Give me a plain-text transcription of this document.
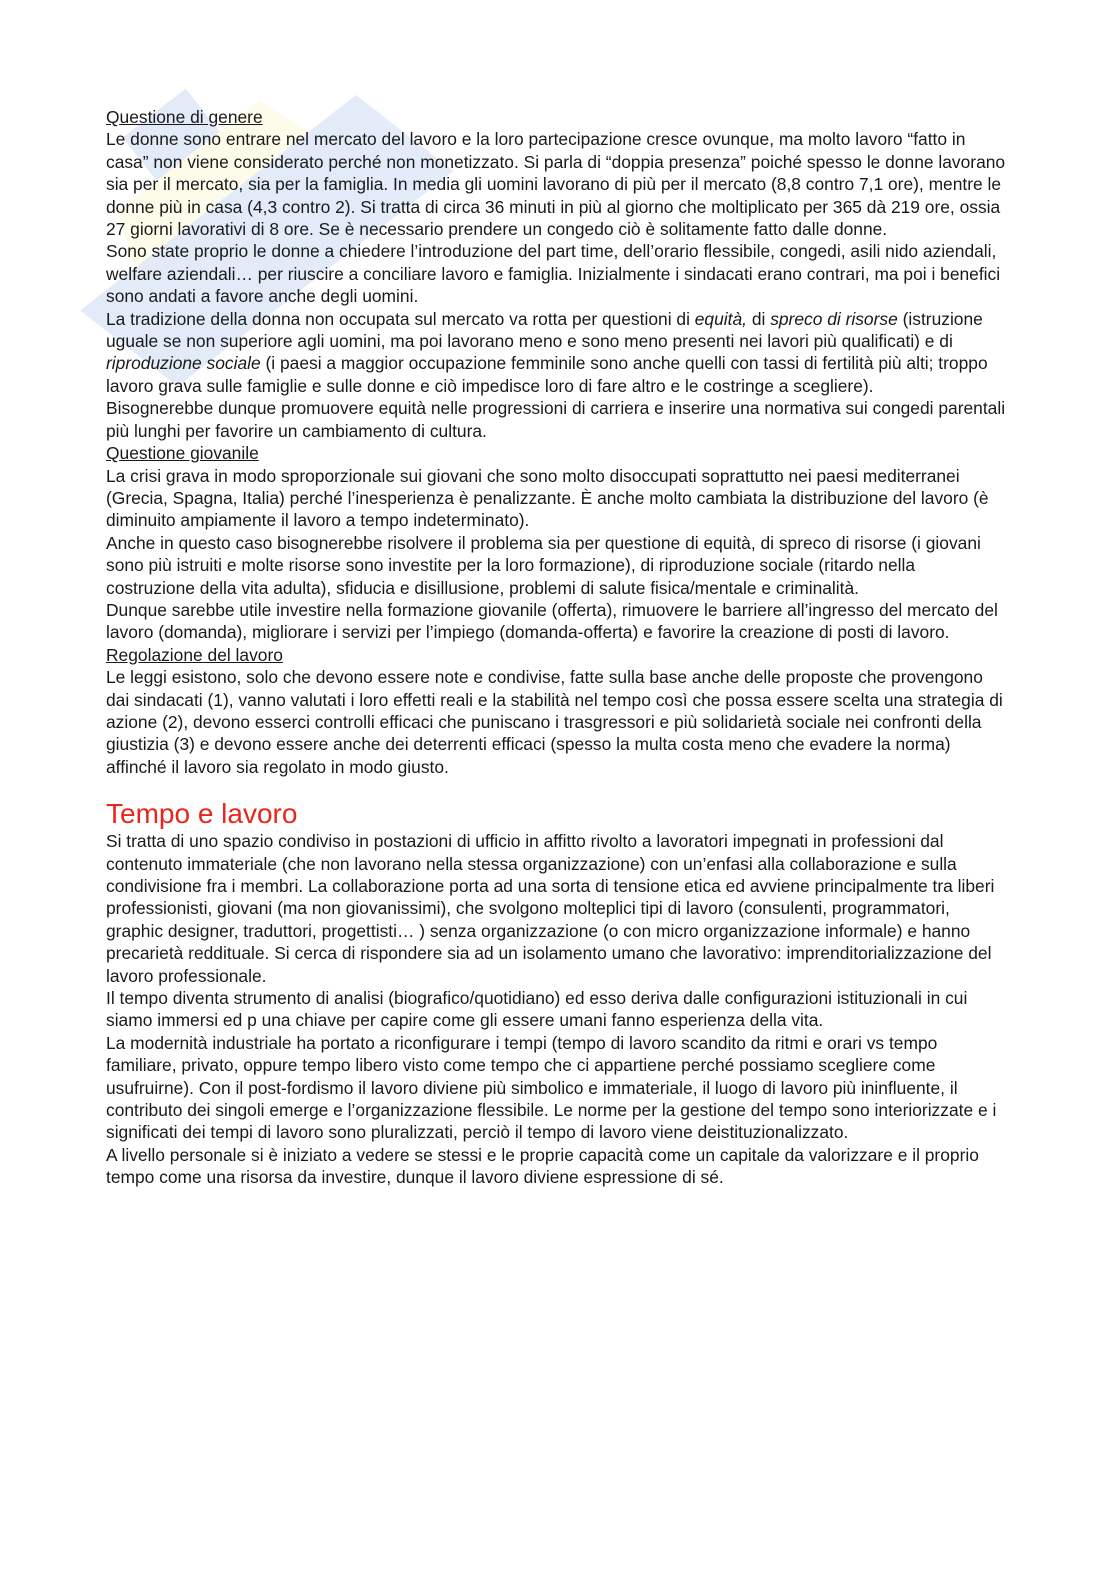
Questione di genere

Le donne sono entrare nel mercato del lavoro e la loro partecipazione cresce ovunque, ma molto lavoro “fatto in casa” non viene considerato perché non monetizzato. Si parla di “doppia presenza” poiché spesso le donne lavorano sia per il mercato, sia per la famiglia. In media gli uomini lavorano di più per il mercato (8,8 contro 7,1 ore), mentre le donne più in casa (4,3 contro 2). Si tratta di circa 36 minuti in più al giorno che moltiplicato per 365 dà 219 ore, ossia 27 giorni lavorativi di 8 ore. Se è necessario prendere un congedo ciò è solitamente fatto dalle donne.

Sono state proprio le donne a chiedere l’introduzione del part time, dell’orario flessibile, congedi, asili nido aziendali, welfare aziendali… per riuscire a conciliare lavoro e famiglia. Inizialmente i sindacati erano contrari, ma poi i benefici sono andati a favore anche degli uomini.

La tradizione della donna non occupata sul mercato va rotta per questioni di equità, di spreco di risorse (istruzione uguale se non superiore agli uomini, ma poi lavorano meno e sono meno presenti nei lavori più qualificati) e di riproduzione sociale (i paesi a maggior occupazione femminile sono anche quelli con tassi di fertilità più alti; troppo lavoro grava sulle famiglie e sulle donne e ciò impedisce loro di fare altro e le costringe a scegliere).

Bisognerebbe dunque promuovere equità nelle progressioni di carriera e inserire una normativa sui congedi parentali più lunghi per favorire un cambiamento di cultura.

Questione giovanile

La crisi grava in modo sproporzionale sui giovani che sono molto disoccupati soprattutto nei paesi mediterranei (Grecia, Spagna, Italia) perché l’inesperienza è penalizzante. È anche molto cambiata la distribuzione del lavoro (è diminuito ampiamente il lavoro a tempo indeterminato).

Anche in questo caso bisognerebbe risolvere il problema sia per questione di equità, di spreco di risorse (i giovani sono più istruiti e molte risorse sono investite per la loro formazione), di riproduzione sociale (ritardo nella costruzione della vita adulta), sfiducia e disillusione, problemi di salute fisica/mentale e criminalità.

Dunque sarebbe utile investire nella formazione giovanile (offerta), rimuovere le barriere all’ingresso del mercato del lavoro (domanda), migliorare i servizi per l’impiego (domanda-offerta) e favorire la creazione di posti di lavoro.

Regolazione del lavoro

Le leggi esistono, solo che devono essere note e condivise, fatte sulla base anche delle proposte che provengono dai sindacati (1), vanno valutati i loro effetti reali e la stabilità nel tempo così che possa essere scelta una strategia di azione (2), devono esserci controlli efficaci che puniscano i trasgressori e più solidarietà sociale nei confronti della giustizia (3) e devono essere anche dei deterrenti efficaci (spesso la multa costa meno che evadere la norma) affinché il lavoro sia regolato in modo giusto.

Tempo e lavoro

Si tratta di uno spazio condiviso in postazioni di ufficio in affitto rivolto a lavoratori impegnati in professioni dal contenuto immateriale (che non lavorano nella stessa organizzazione) con un’enfasi alla collaborazione e sulla condivisione fra i membri. La collaborazione porta ad una sorta di tensione etica ed avviene principalmente tra liberi professionisti, giovani (ma non giovanissimi), che svolgono molteplici tipi di lavoro (consulenti, programmatori, graphic designer, traduttori, progettisti… ) senza organizzazione (o con micro organizzazione informale) e hanno precarietà reddituale. Si cerca di rispondere sia ad un isolamento umano che lavorativo: imprenditorializzazione del lavoro professionale.

Il tempo diventa strumento di analisi (biografico/quotidiano) ed esso deriva dalle configurazioni istituzionali in cui siamo immersi ed p una chiave per capire come gli essere umani fanno esperienza della vita.

La modernità industriale ha portato a riconfigurare i tempi (tempo di lavoro scandito da ritmi e orari vs tempo familiare, privato, oppure tempo libero visto come tempo che ci appartiene perché possiamo scegliere come usufruirne). Con il post-fordismo il lavoro diviene più simbolico e immateriale, il luogo di lavoro più ininfluente, il contributo dei singoli emerge e l’organizzazione flessibile. Le norme per la gestione del tempo sono interiorizzate e i significati dei tempi di lavoro sono pluralizzati, perciò il tempo di lavoro viene deistituzionalizzato.

A livello personale si è iniziato a vedere se stessi e le proprie capacità come un capitale da valorizzare e il proprio tempo come una risorsa da investire, dunque il lavoro diviene espressione di sé.
